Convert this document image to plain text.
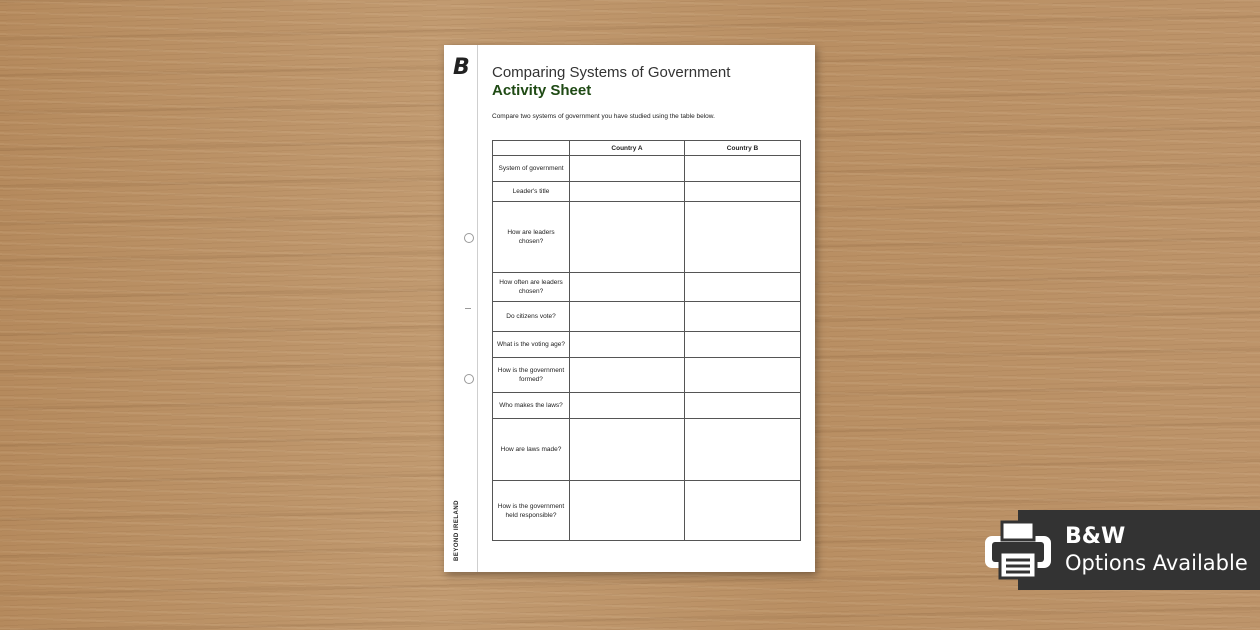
B
BEYOND IRELAND
Comparing Systems of Government
Activity Sheet
Compare two systems of government you have studied using the table below.
	Country A	Country B
System of government		
Leader's title		
How are leaders chosen?		
How often are leaders chosen?		
Do citizens vote?		
What is the voting age?		
How is the government formed?		
Who makes the laws?		
How are laws made?		
How is the government held responsible?		
B&W
Options Available
